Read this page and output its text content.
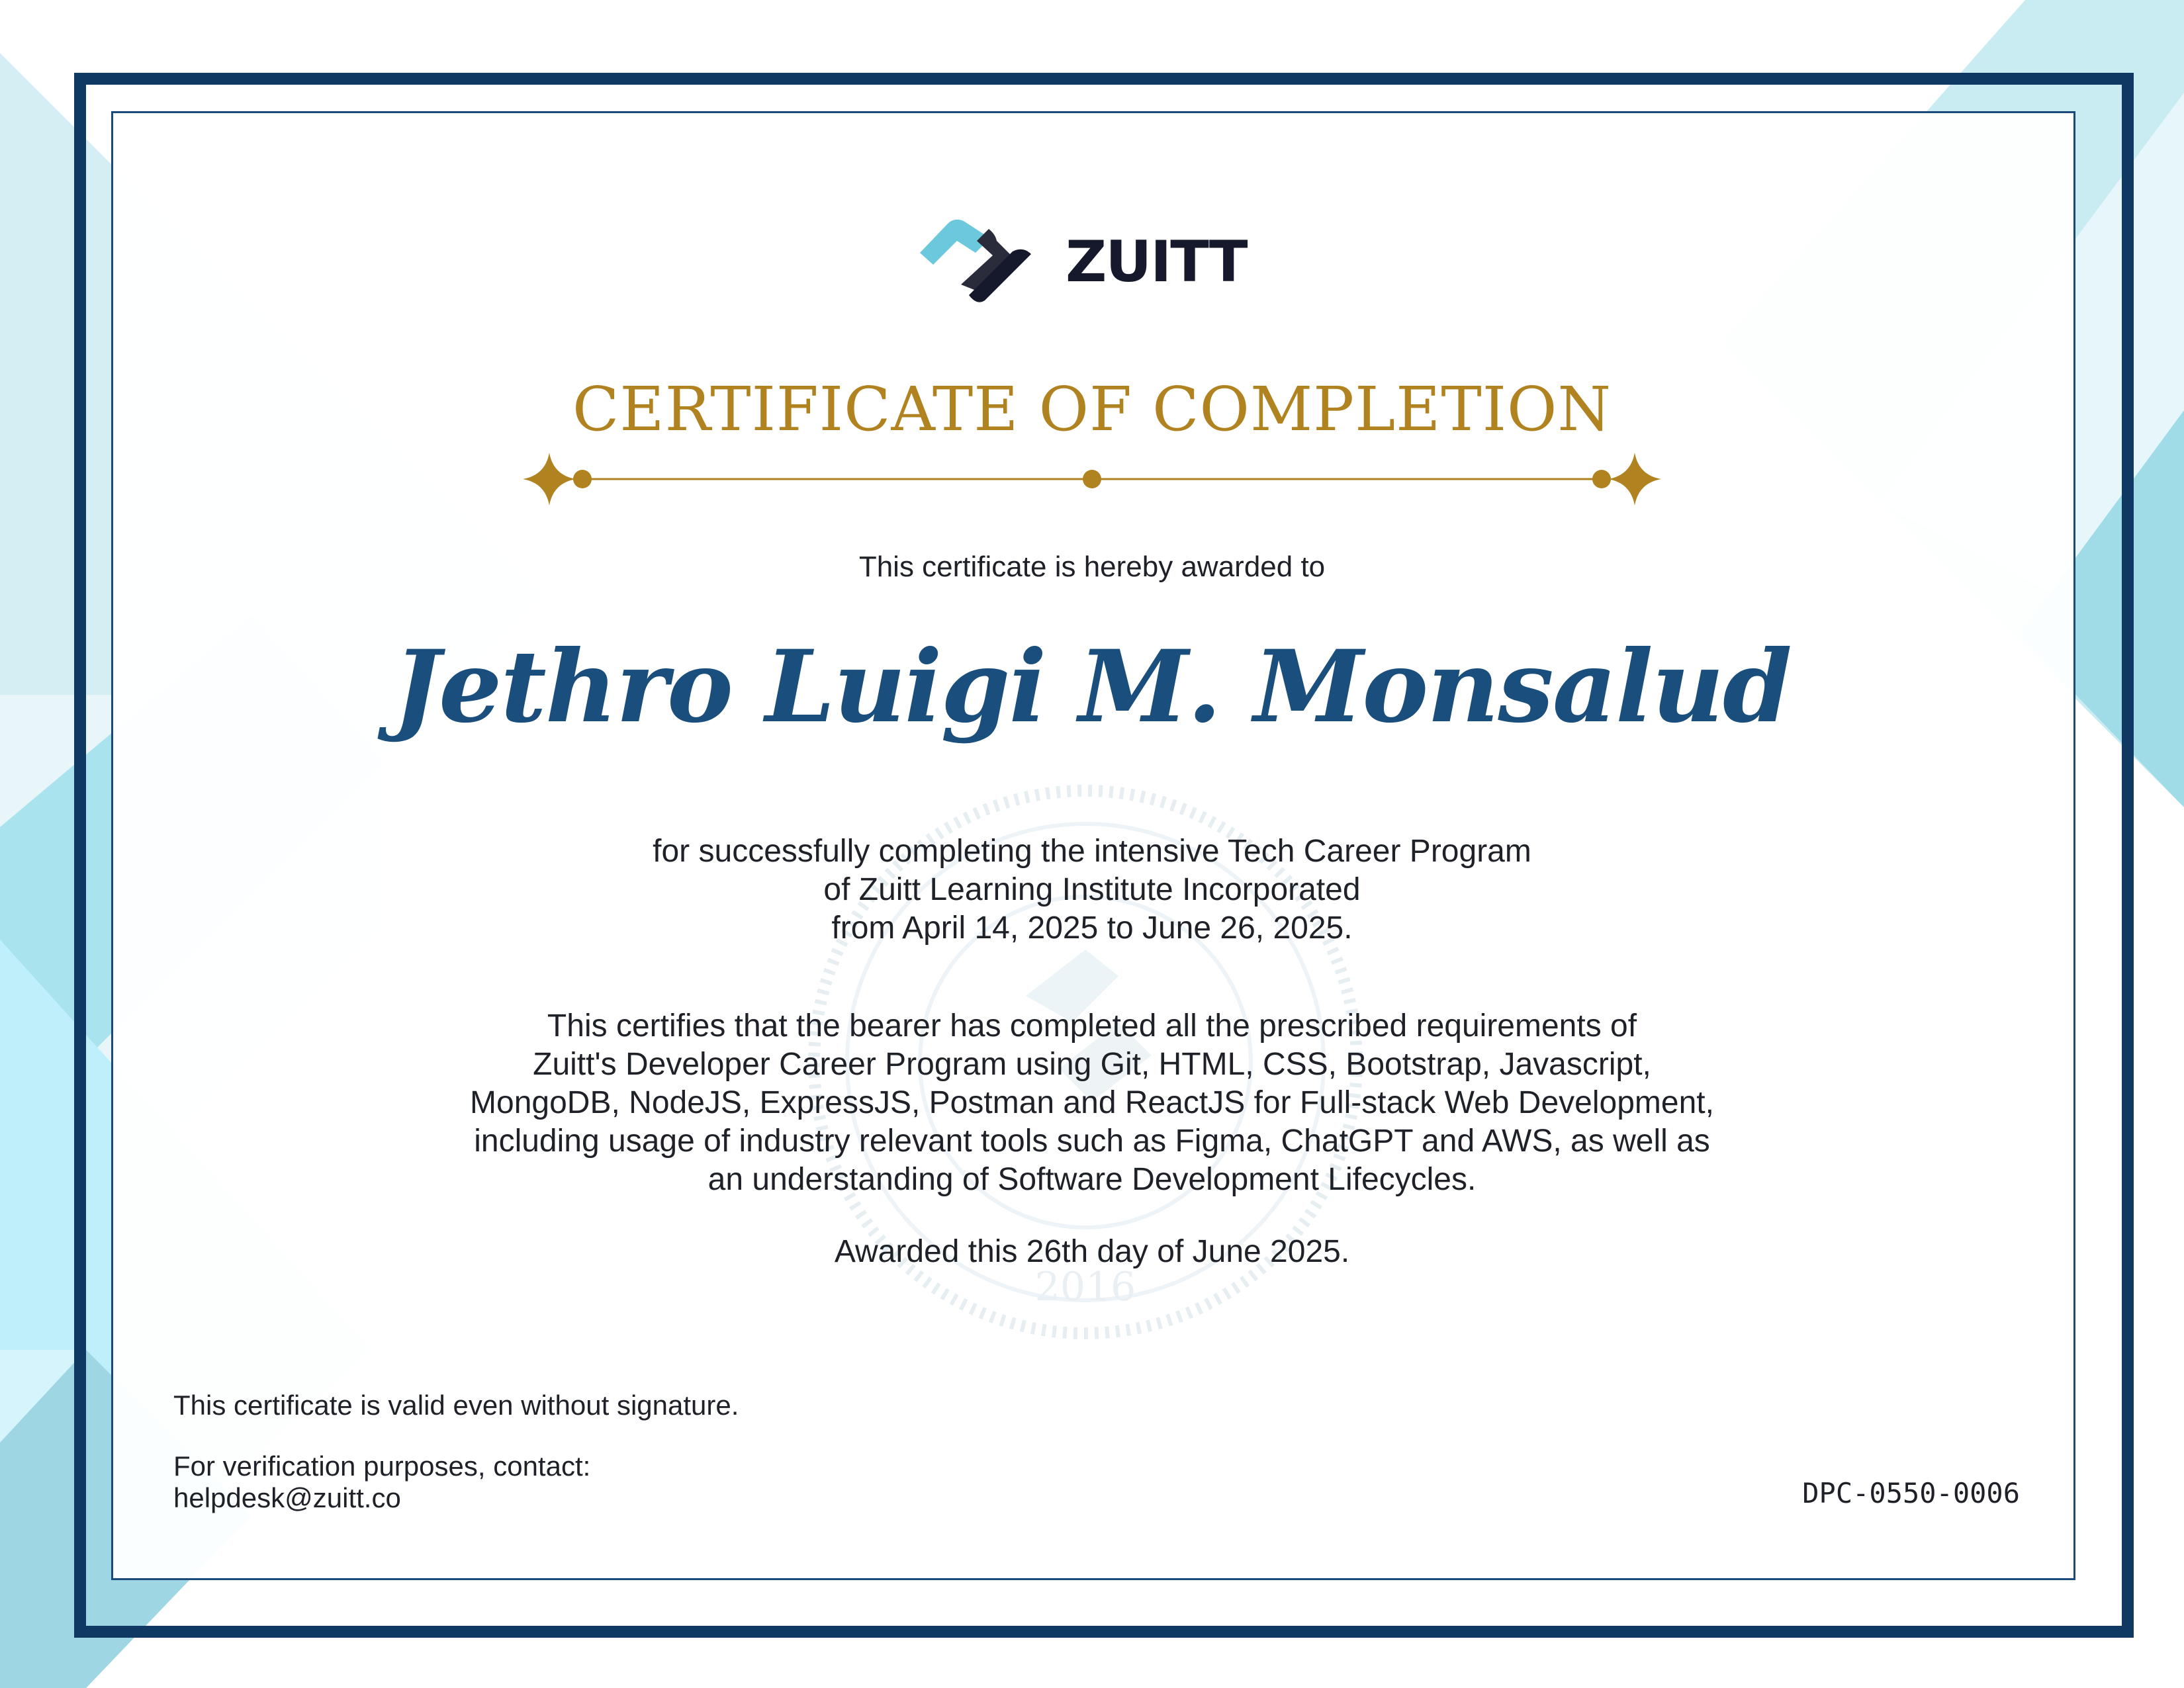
2016
ZUITT
CERTIFICATE OF COMPLETION
This certificate is hereby awarded to
Jethro Luigi M. Monsalud
for successfully completing the intensive Tech Career Program
of Zuitt Learning Institute Incorporated
from April 14, 2025 to June 26, 2025.
This certifies that the bearer has completed all the prescribed requirements of
Zuitt's Developer Career Program using Git, HTML, CSS, Bootstrap, Javascript,
MongoDB, NodeJS, ExpressJS, Postman and ReactJS for Full-stack Web Development,
including usage of industry relevant tools such as Figma, ChatGPT and AWS, as well as
an understanding of Software Development Lifecycles.
Awarded this 26th day of June 2025.
This certificate is valid even without signature.
For verification purposes, contact:
helpdesk@zuitt.co	DPC-0550-0006
